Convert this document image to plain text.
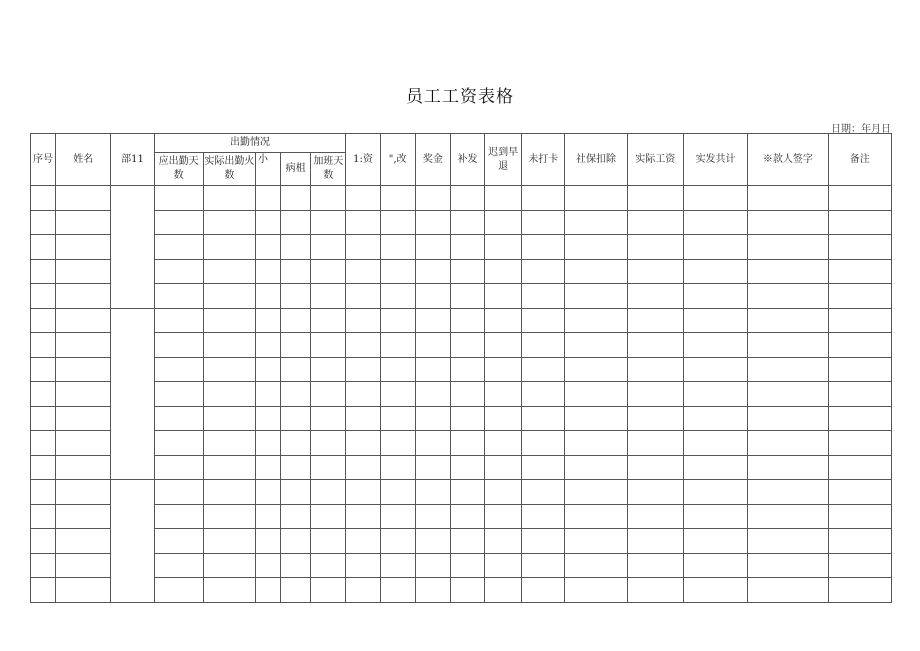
员工工资表格
日期：年月日
序号	姓名	部11	出勤情况					1:资	",改	奖金	补发	迟到早退	未打卡	社保扣除	实际工资	实发共计	※款人签字	备注
			应出勤天数	实际出勤火数	小	病柤	加班天数											
